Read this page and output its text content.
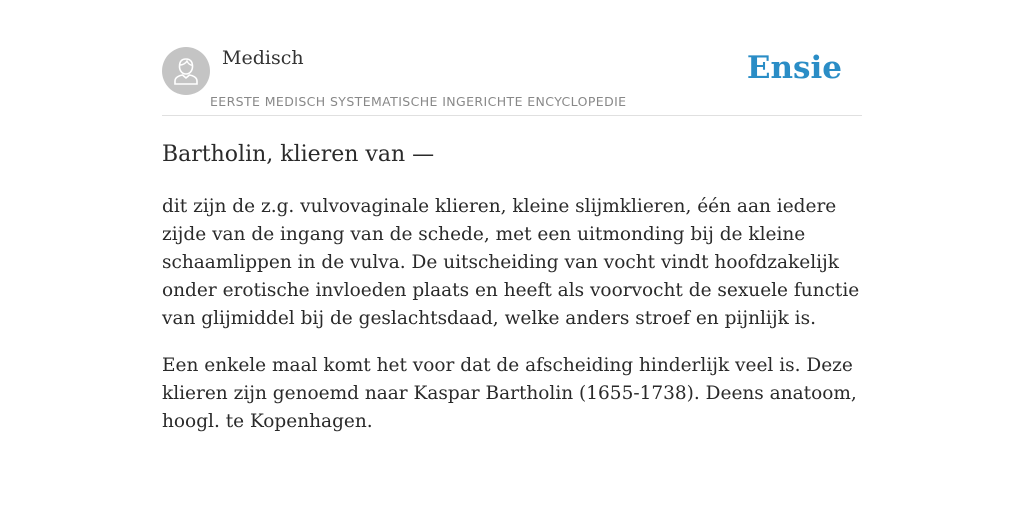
Medisch
EERSTE MEDISCH SYSTEMATISCHE INGERICHTE ENCYCLOPEDIE
Ensie
Bartholin, klieren van —

dit zijn de z.g. vulvovaginale klieren, kleine slijmklieren, één aan iedere zijde van de ingang van de schede, met een uitmonding bij de kleine schaamlippen in de vulva. De uitscheiding van vocht vindt hoofdzakelijk onder erotische invloeden plaats en heeft als voorvocht de sexuele functie van glijmiddel bij de geslachtsdaad, welke anders stroef en pijnlijk is.

Een enkele maal komt het voor dat de afscheiding hinderlijk veel is. Deze klieren zijn genoemd naar Kaspar Bartholin (1655-1738). Deens anatoom, hoogl. te Kopenhagen.
